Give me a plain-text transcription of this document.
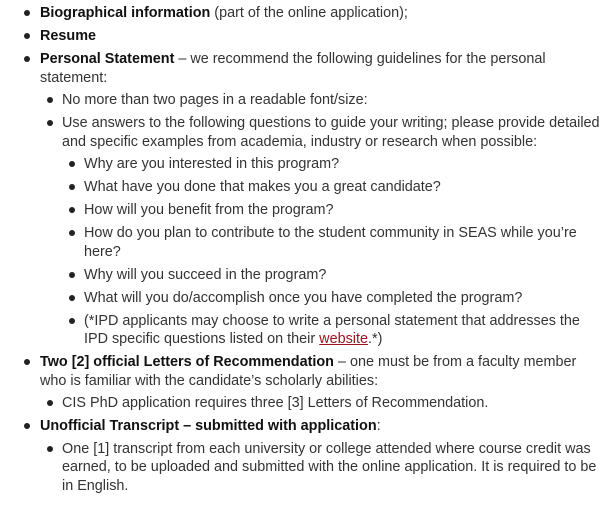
Biographical information (part of the online application);
Resume
Personal Statement – we recommend the following guidelines for the personal statement:
No more than two pages in a readable font/size:
Use answers to the following questions to guide your writing; please provide detailed and specific examples from academia, industry or research when possible:
Why are you interested in this program?
What have you done that makes you a great candidate?
How will you benefit from the program?
How do you plan to contribute to the student community in SEAS while you’re here?
Why will you succeed in the program?
What will you do/accomplish once you have completed the program?
(*IPD applicants may choose to write a personal statement that addresses the IPD specific questions listed on their website.*)
Two [2] official Letters of Recommendation – one must be from a faculty member who is familiar with the candidate’s scholarly abilities:
CIS PhD application requires three [3] Letters of Recommendation.
Unofficial Transcript – submitted with application:
One [1] transcript from each university or college attended where course credit was earned, to be uploaded and submitted with the online application. It is required to be in English.
